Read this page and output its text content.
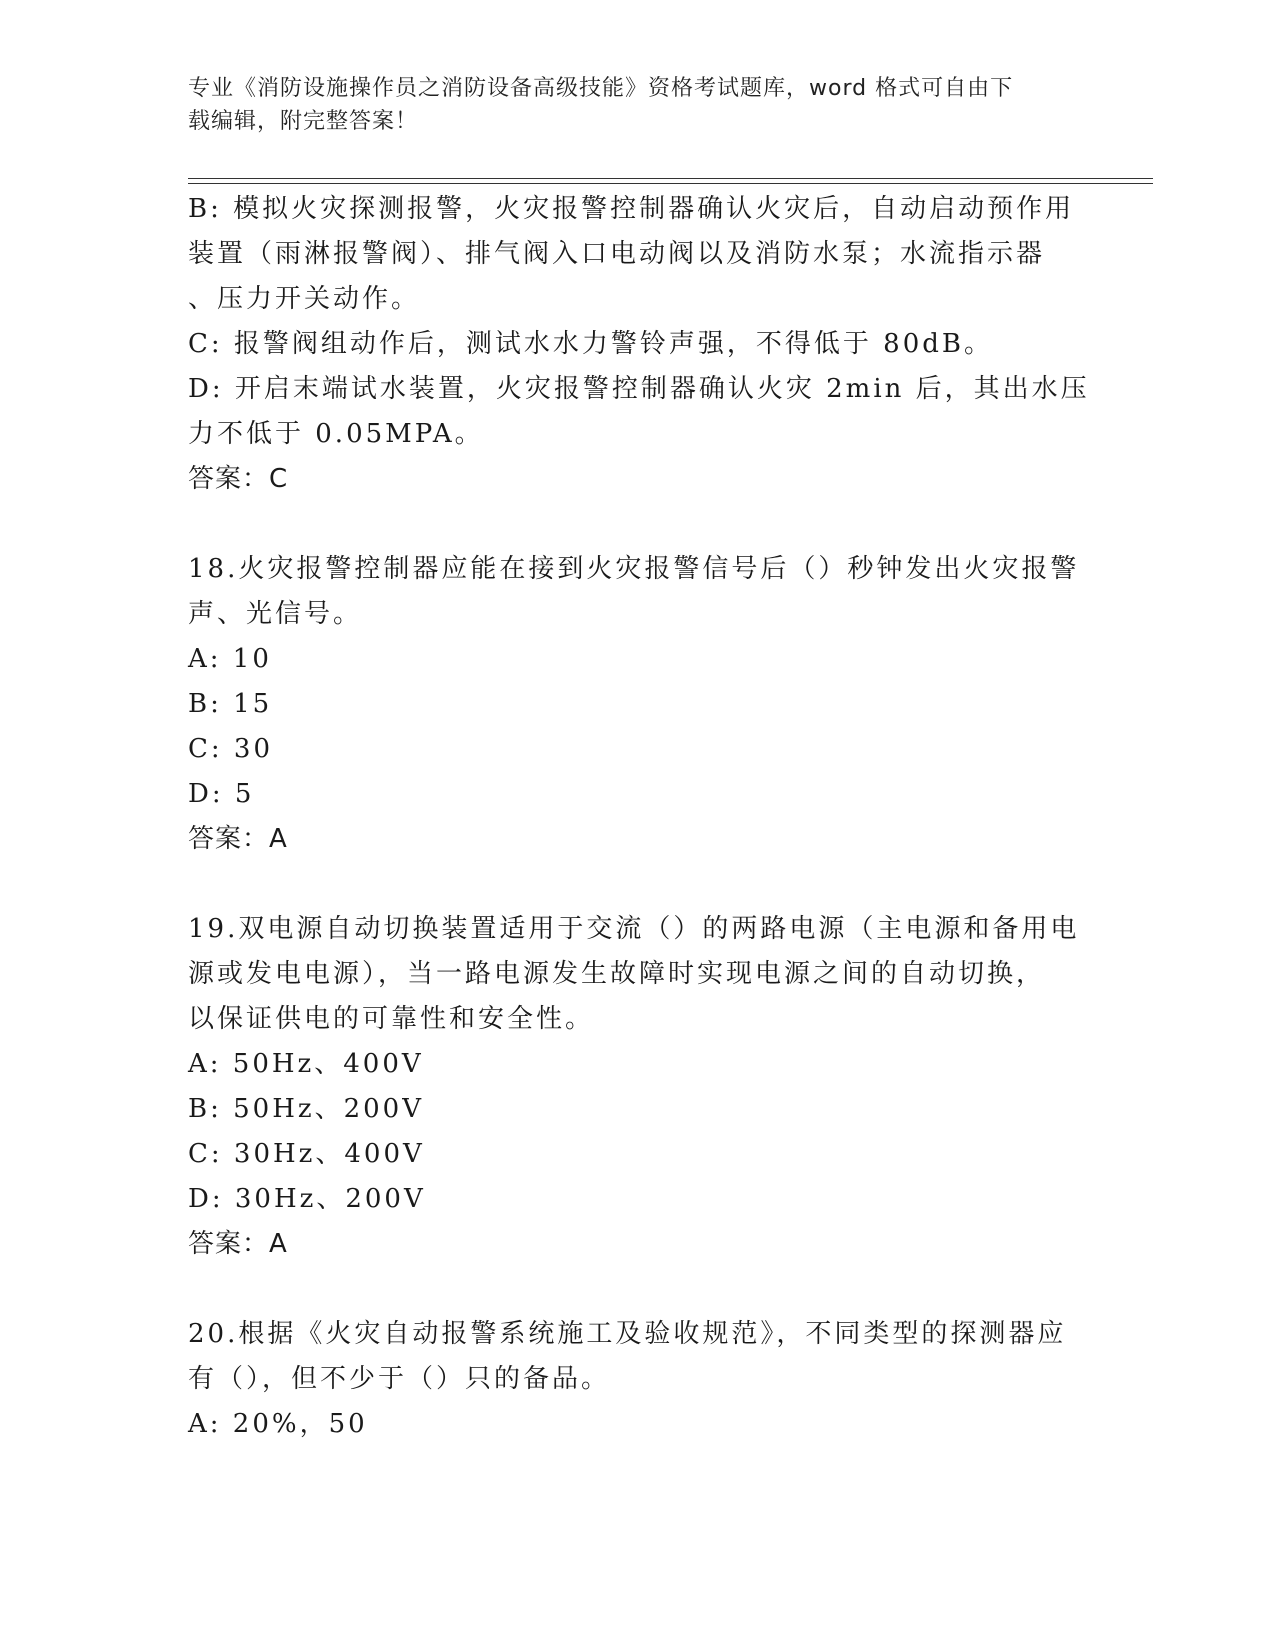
专业《消防设施操作员之消防设备高级技能》资格考试题库，word 格式可自由下
载编辑，附完整答案！
B: 模拟火灾探测报警，火灾报警控制器确认火灾后，自动启动预作用
装置（雨淋报警阀）、排气阀入口电动阀以及消防水泵；水流指示器
、压力开关动作。
C: 报警阀组动作后，测试水水力警铃声强，不得低于 80dB。
D: 开启末端试水装置，火灾报警控制器确认火灾 2min 后，其出水压
力不低于 0.05MPA。
答案：C
18.火灾报警控制器应能在接到火灾报警信号后（）秒钟发出火灾报警
声、光信号。
A: 10
B: 15
C: 30
D: 5
答案：A
19.双电源自动切换装置适用于交流（）的两路电源（主电源和备用电
源或发电电源），当一路电源发生故障时实现电源之间的自动切换，
以保证供电的可靠性和安全性。
A: 50Hz、400V
B: 50Hz、200V
C: 30Hz、400V
D: 30Hz、200V
答案：A
20.根据《火灾自动报警系统施工及验收规范》，不同类型的探测器应
有（），但不少于（）只的备品。
A: 20%，50
